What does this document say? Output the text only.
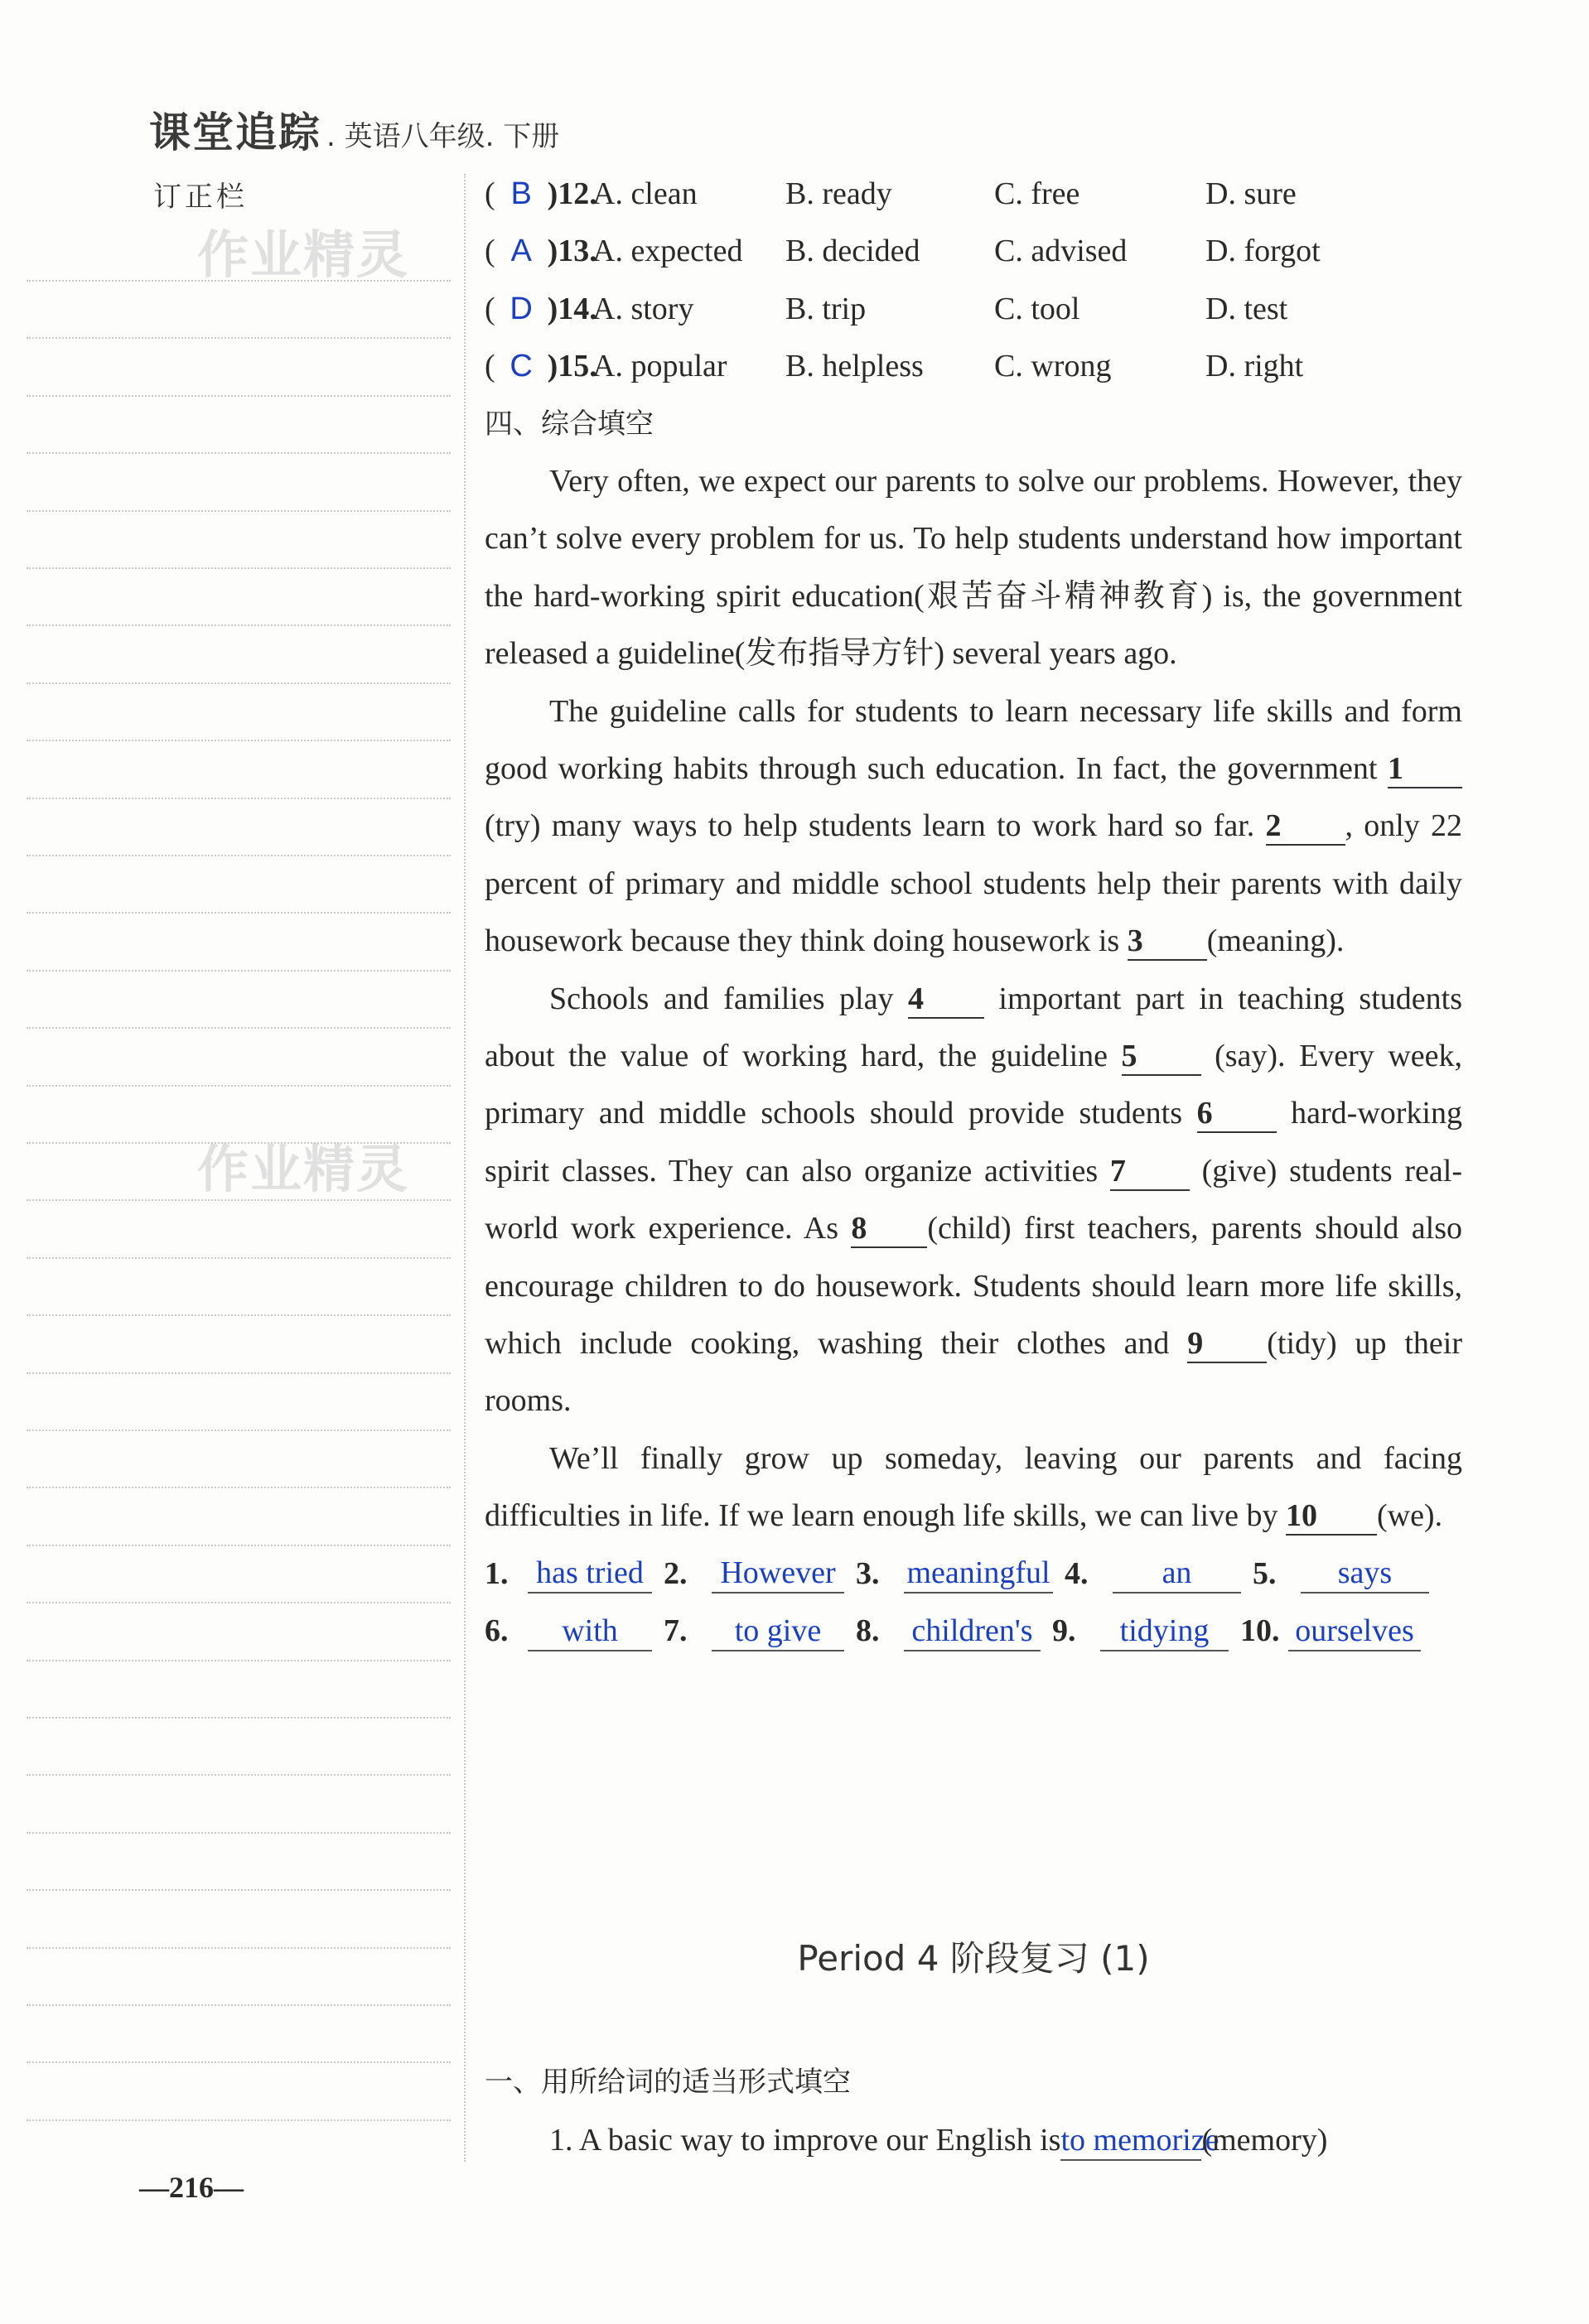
课堂追踪 . 英语八年级. 下册
订正栏
作业精灵
作业精灵
( B )12.
A. clean	B. ready	C. free	D. sure
( A )13.
A. expected	B. decided	C. advised	D. forgot
( D )14.
A. story	B. trip	C. tool	D. test
( C )15.
A. popular	B. helpless	C. wrong	D. right
四、综合填空

Very often, we expect our parents to solve our problems. However, they can’t solve every problem for us. To help students understand how important the hard-working spirit education(艰苦奋斗精神教育) is, the government released a guideline(发布指导方针) several years ago.

The guideline calls for students to learn necessary life skills and form good working habits through such education. In fact, the government 1(try) many ways to help students learn to work hard so far. 2 , only 22 percent of primary and middle school students help their parents with daily housework because they think doing housework is 3 (meaning).

Schools and families play 4 important part in teaching students about the value of working hard, the guideline 5 (say). Every week, primary and middle schools should provide students 6 hard-working spirit classes. They can also organize activities 7 (give) students real-world work experience. As 8 (child) first teachers, parents should also encourage children to do housework. Students should learn more life skills, which include cooking, washing their clothes and 9 (tidy) up their rooms.

We’ll finally grow up someday, leaving our parents and facing difficulties in life. If we learn enough life skills, we can live by 10 (we).

1. has tried 2.	However 3. meaningful 4.	an	5.	says
6.	with	7.	to give	8.	children's 9.	tidying 10. ourselves
Period 4 阶段复习 (1)
一、用所给词的适当形式填空
1. A basic way to improve our English isto memorize(memory)
—216—
